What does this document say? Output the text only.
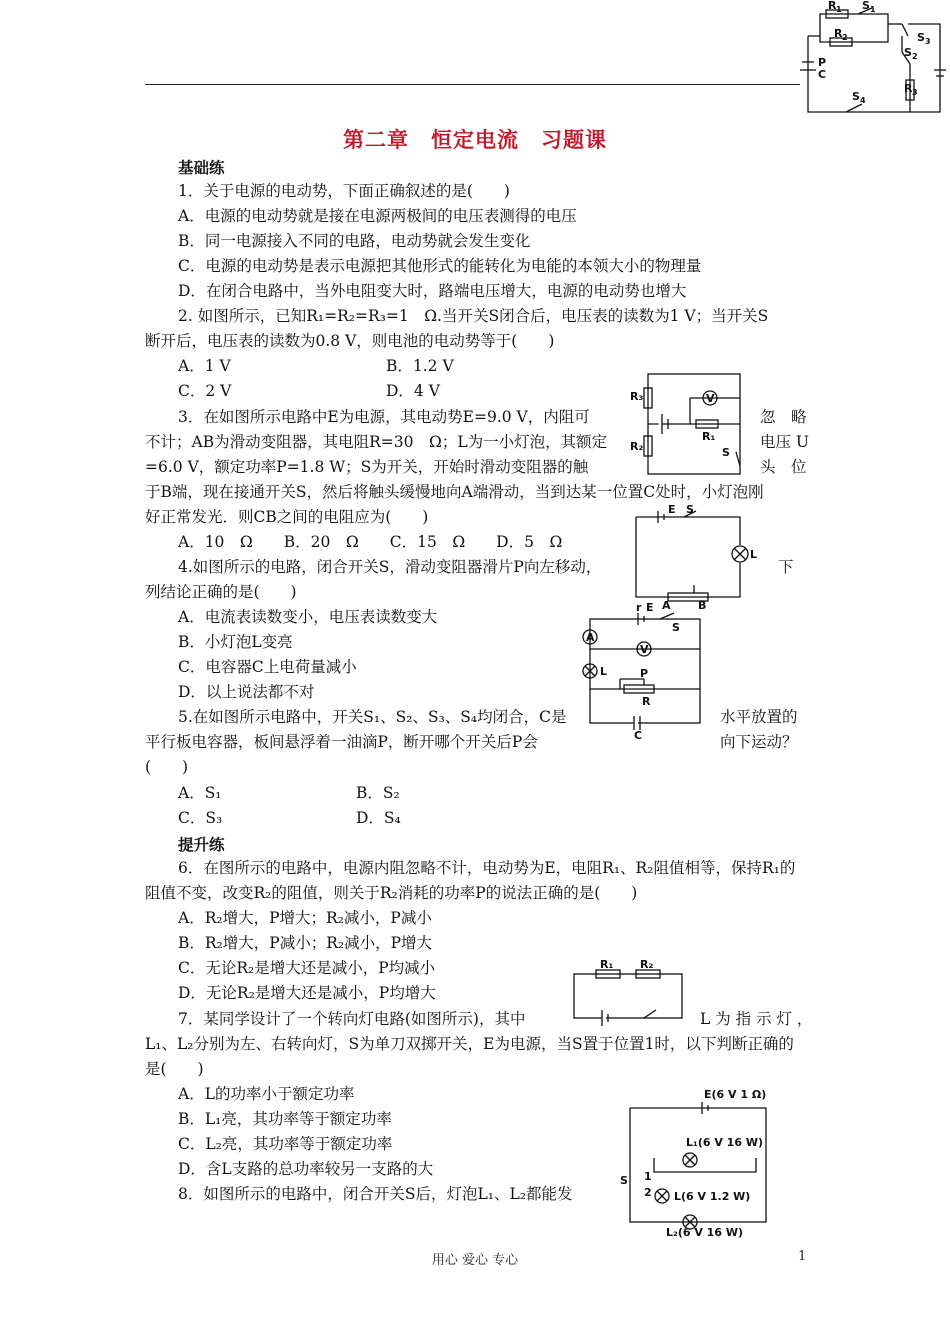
R 1 S 1
R 2	S 3
S 2
P
C
R 3
S 4
第二章　恒定电流　习题课
基础练
1．关于电源的电动势，下面正确叙述的是(　　)
A．电源的电动势就是接在电源两极间的电压表测得的电压
B．同一电源接入不同的电路，电动势就会发生变化
C．电源的电动势是表示电源把其他形式的能转化为电能的本领大小的物理量
D．在闭合电路中，当外电阻变大时，路端电压增大，电源的电动势也增大
2. 如图所示，已知R₁=R₂=R₃=1　Ω.当开关S闭合后，电压表的读数为1 V；当开关S
断开后，电压表的读数为0.8 V，则电池的电动势等于(　　)
A．1 V	B．1.2 V
C．2 V	D．4 V
3．在如图所示电路中E为电源，其电动势E=9.0 V，内阻可	忽　略
不计；AB为滑动变阻器，其电阻R=30　Ω；L为一小灯泡，其额定	电压 U
=6.0 V，额定功率P=1.8 W；S为开关，开始时滑动变阻器的触	头　位
于B端，现在接通开关S，然后将触头缓慢地向A端滑动，当到达某一位置C处时，小灯泡刚
好正常发光．则CB之间的电阻应为(　　)
A．10　Ω　　B．20　Ω　　C．15　Ω　　D．5　Ω
4.如图所示的电路，闭合开关S，滑动变阻器滑片P向左移动，	下
列结论正确的是(　　)
A．电流表读数变小，电压表读数变大
B．小灯泡L变亮
C．电容器C上电荷量减小
D．以上说法都不对
5.在如图所示电路中，开关S₁、S₂、S₃、S₄均闭合，C是	水平放置的
平行板电容器，板间悬浮着一油滴P，断开哪个开关后P会	向下运动？
(　　)
A．S₁	B．S₂
C．S₃	D．S₄
提升练
6．在图所示的电路中，电源内阻忽略不计，电动势为E，电阻R₁、R₂阻值相等，保持R₁的
阻值不变，改变R₂的阻值，则关于R₂消耗的功率P的说法正确的是(　　)
A．R₂增大，P增大；R₂减小，P减小
B．R₂增大，P减小；R₂减小，P增大
C．无论R₂是增大还是减小，P均减小
D．无论R₂是增大还是减小，P均增大
7．某同学设计了一个转向灯电路(如图所示)，其中	L 为 指 示 灯 ，
L₁、L₂分别为左、右转向灯，S为单刀双掷开关，E为电源，当S置于位置1时，以下判断正确的
是(　　)
A．L的功率小于额定功率
B．L₁亮，其功率等于额定功率
C．L₂亮，其功率等于额定功率
D．含L支路的总功率较另一支路的大
8．如图所示的电路中，闭合开关S后，灯泡L₁、L₂都能发
R₃
R₂
R₁
V
S
E S
L
A B
r E
S
A
V
L	P
R
C
R₁ R₂
E(6 V 1 Ω)
L₁(6 V 16 W)
L(6 V 1.2 W)
L₂(6 V 16 W)
S 1
2
用心 爱心 专心	1
